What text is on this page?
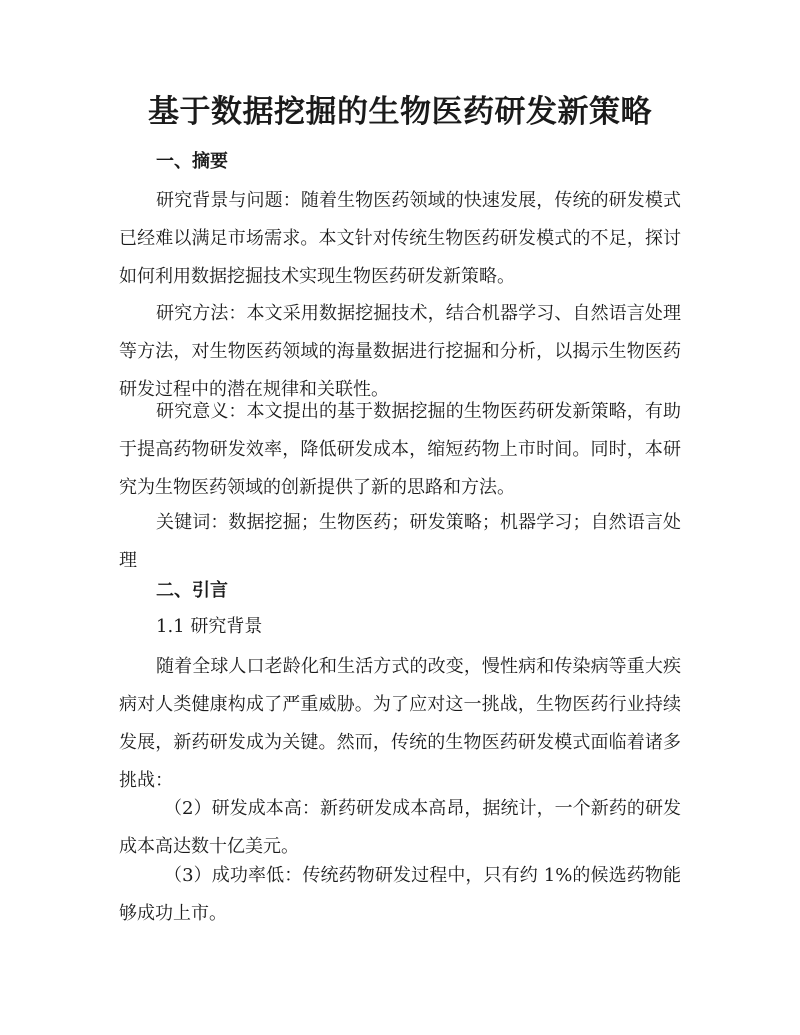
基于数据挖掘的生物医药研发新策略
一、摘要

研究背景与问题：随着生物医药领域的快速发展，传统的研发模式已经难以满足市场需求。本文针对传统生物医药研发模式的不足，探讨如何利用数据挖掘技术实现生物医药研发新策略。

研究方法：本文采用数据挖掘技术，结合机器学习、自然语言处理等方法，对生物医药领域的海量数据进行挖掘和分析，以揭示生物医药研发过程中的潜在规律和关联性。

研究意义：本文提出的基于数据挖掘的生物医药研发新策略，有助于提高药物研发效率，降低研发成本，缩短药物上市时间。同时，本研究为生物医药领域的创新提供了新的思路和方法。

关键词：数据挖掘；生物医药；研发策略；机器学习；自然语言处理

二、引言

1.1 研究背景

随着全球人口老龄化和生活方式的改变，慢性病和传染病等重大疾病对人类健康构成了严重威胁。为了应对这一挑战，生物医药行业持续发展，新药研发成为关键。然而，传统的生物医药研发模式面临着诸多挑战：

（2）研发成本高：新药研发成本高昂，据统计，一个新药的研发成本高达数十亿美元。

（3）成功率低：传统药物研发过程中，只有约 1%的候选药物能够成功上市。
